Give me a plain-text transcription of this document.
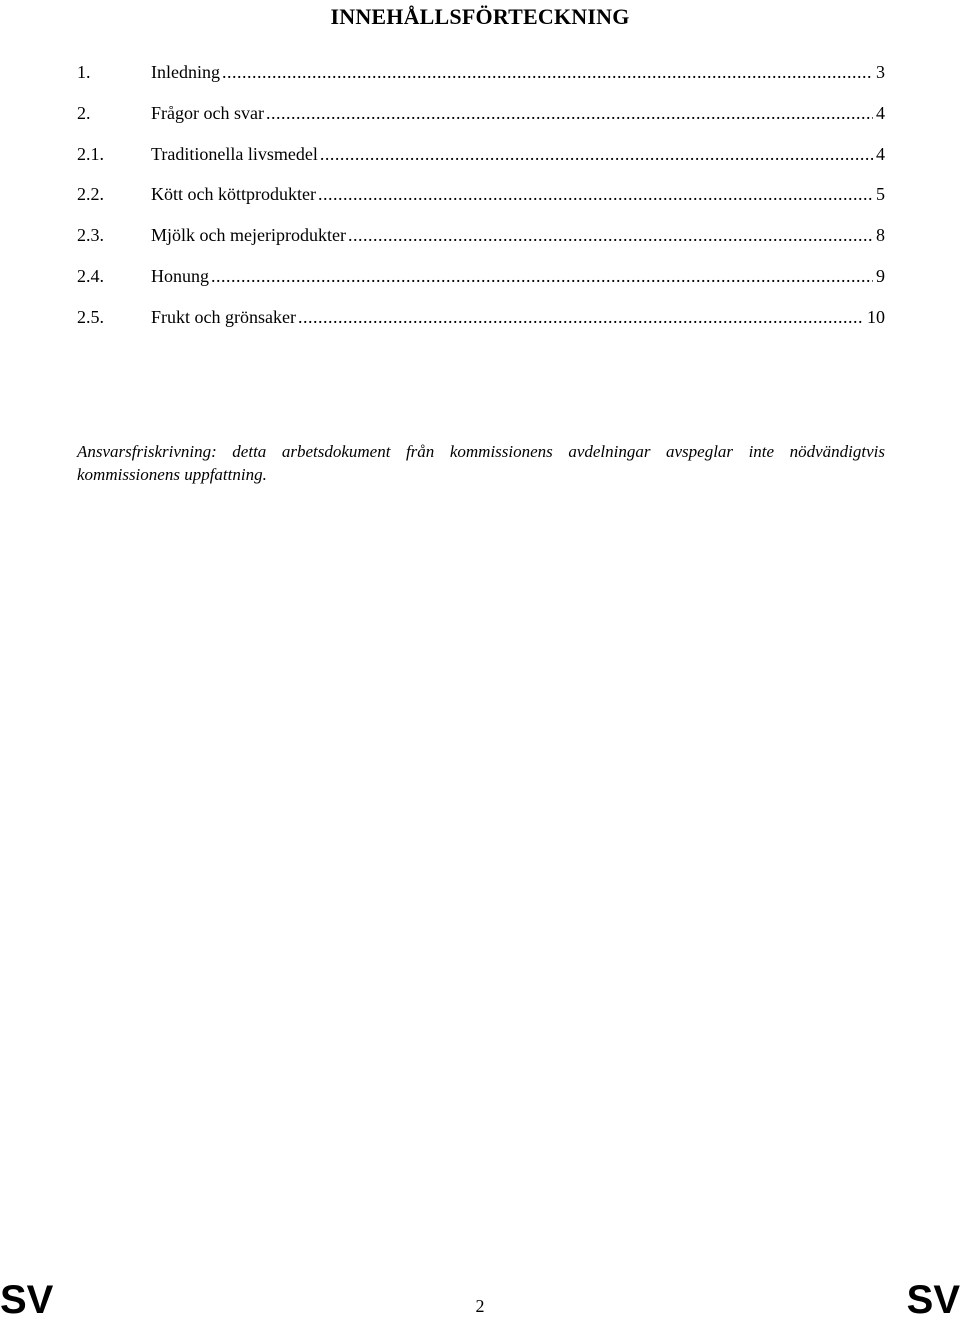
INNEHÅLLSFÖRTECKNING
1.	Inledning .....	3
2.	Frågor och svar .....	4
2.1.	Traditionella livsmedel .....	4
2.2.	Kött och köttprodukter .....	5
2.3.	Mjölk och mejeriprodukter .....	8
2.4.	Honung .....	9
2.5.	Frukt och grönsaker .....	10
Ansvarsfriskrivning: detta arbetsdokument från kommissionens avdelningar avspeglar inte nödvändigtvis kommissionens uppfattning.
SV	2	SV
